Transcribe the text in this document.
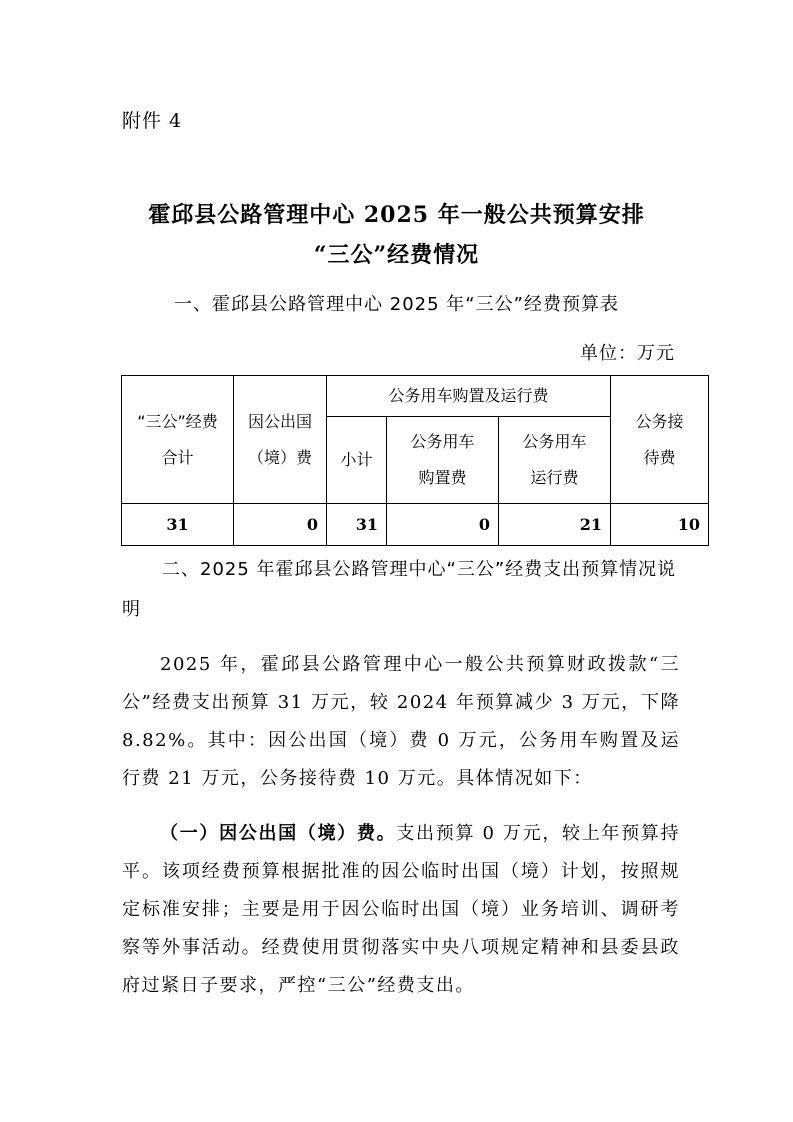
附件 4
霍邱县公路管理中心 2025 年一般公共预算安排
“三公”经费情况
一、霍邱县公路管理中心 2025 年“三公”经费预算表
单位：万元
“三公”经费合计	因公出国（境）费	公务用车购置及运行费			公务接待费

		小计	公务用车购置费	公务用车运行费	

31	0	31	0	21	10
二、2025 年霍邱县公路管理中心“三公”经费支出预算情况说明

2025 年，霍邱县公路管理中心一般公共预算财政拨款“三公”经费支出预算 31 万元，较 2024 年预算减少 3 万元，下降 8.82%。其中：因公出国（境）费 0 万元，公务用车购置及运行费 21 万元，公务接待费 10 万元。具体情况如下：

（一）因公出国（境）费。支出预算 0 万元，较上年预算持平。该项经费预算根据批准的因公临时出国（境）计划，按照规定标准安排；主要是用于因公临时出国（境）业务培训、调研考察等外事活动。经费使用贯彻落实中央八项规定精神和县委县政府过紧日子要求，严控“三公”经费支出。
